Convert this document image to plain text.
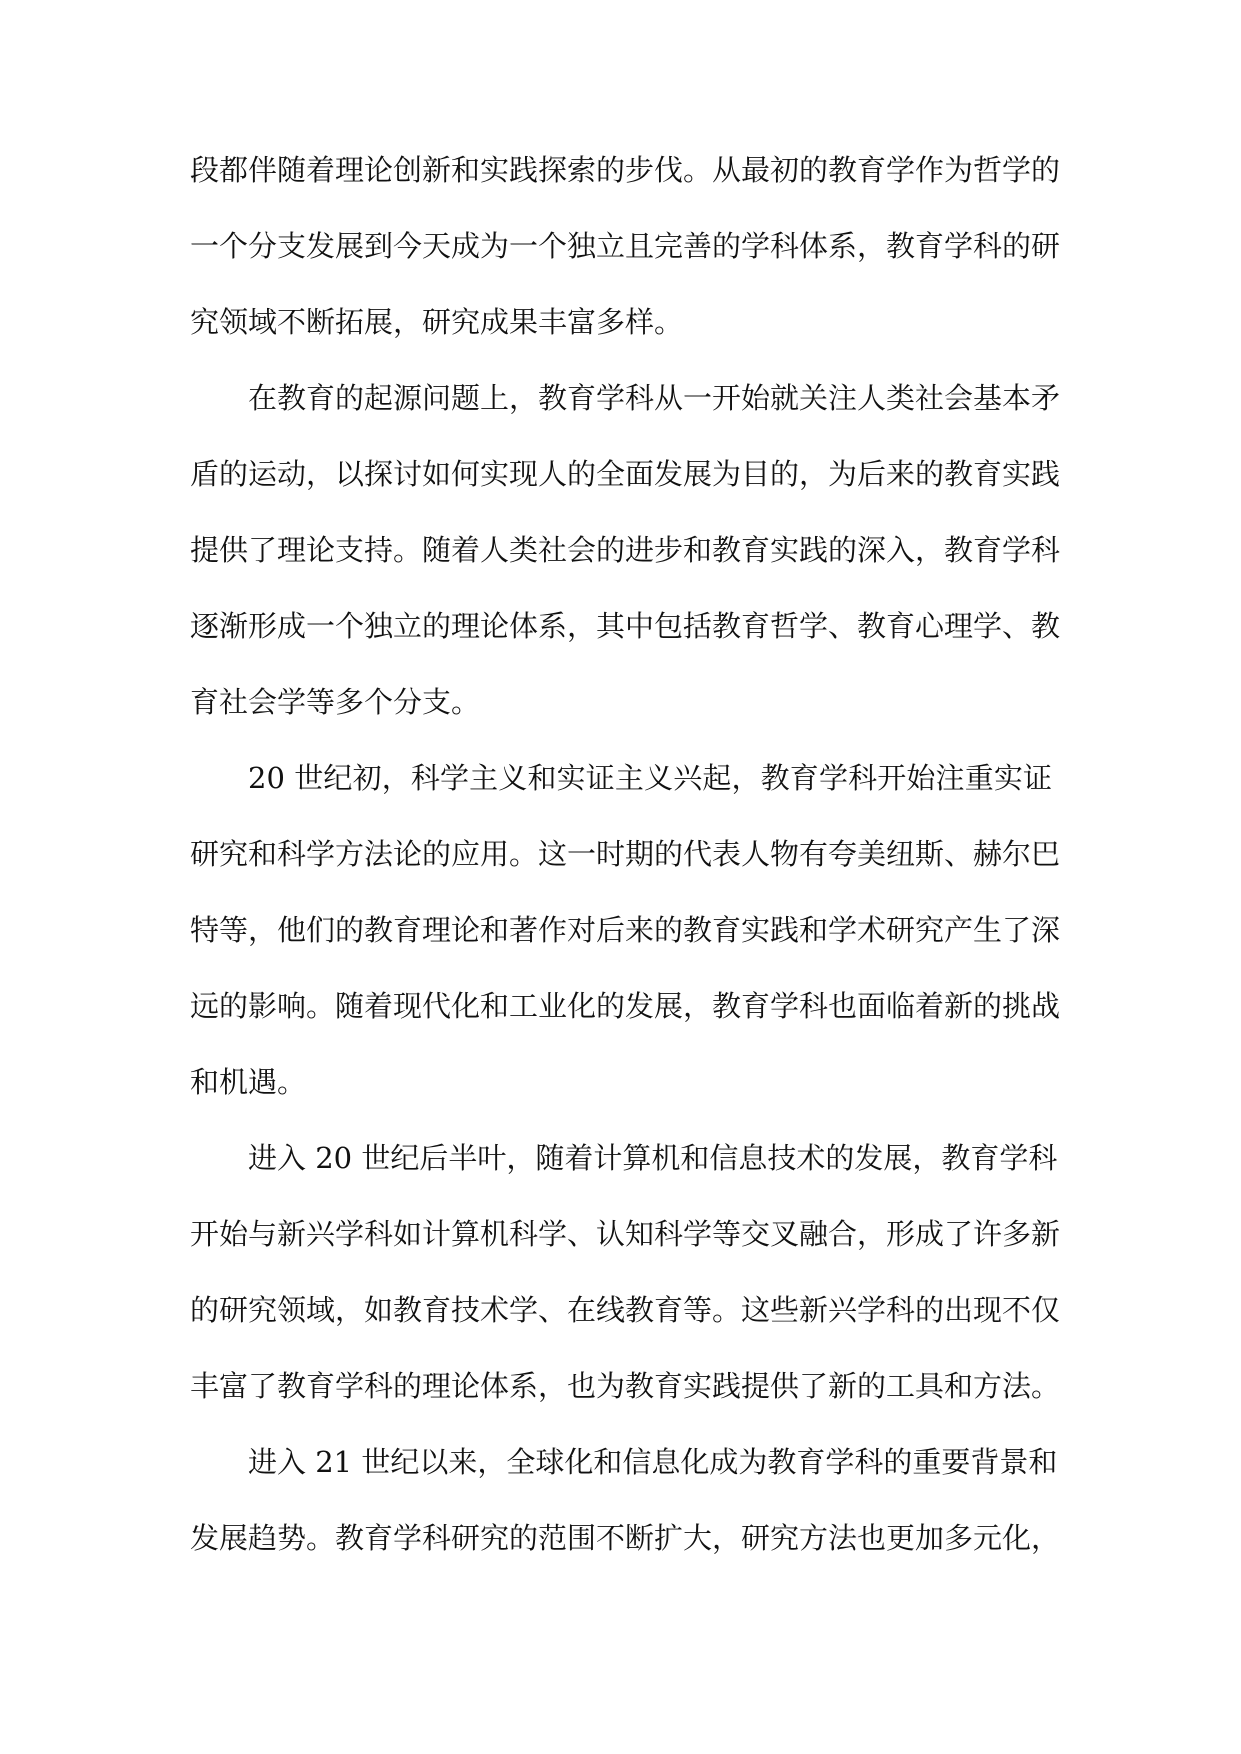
段都伴随着理论创新和实践探索的步伐。从最初的教育学作为哲学的
一个分支发展到今天成为一个独立且完善的学科体系，教育学科的研
究领域不断拓展，研究成果丰富多样。
在教育的起源问题上，教育学科从一开始就关注人类社会基本矛
盾的运动，以探讨如何实现人的全面发展为目的，为后来的教育实践
提供了理论支持。随着人类社会的进步和教育实践的深入，教育学科
逐渐形成一个独立的理论体系，其中包括教育哲学、教育心理学、教
育社会学等多个分支。
20 世纪初，科学主义和实证主义兴起，教育学科开始注重实证
研究和科学方法论的应用。这一时期的代表人物有夸美纽斯、赫尔巴
特等，他们的教育理论和著作对后来的教育实践和学术研究产生了深
远的影响。随着现代化和工业化的发展，教育学科也面临着新的挑战
和机遇。
进入 20 世纪后半叶，随着计算机和信息技术的发展，教育学科
开始与新兴学科如计算机科学、认知科学等交叉融合，形成了许多新
的研究领域，如教育技术学、在线教育等。这些新兴学科的出现不仅
丰富了教育学科的理论体系，也为教育实践提供了新的工具和方法。
进入 21 世纪以来，全球化和信息化成为教育学科的重要背景和
发展趋势。教育学科研究的范围不断扩大，研究方法也更加多元化，
